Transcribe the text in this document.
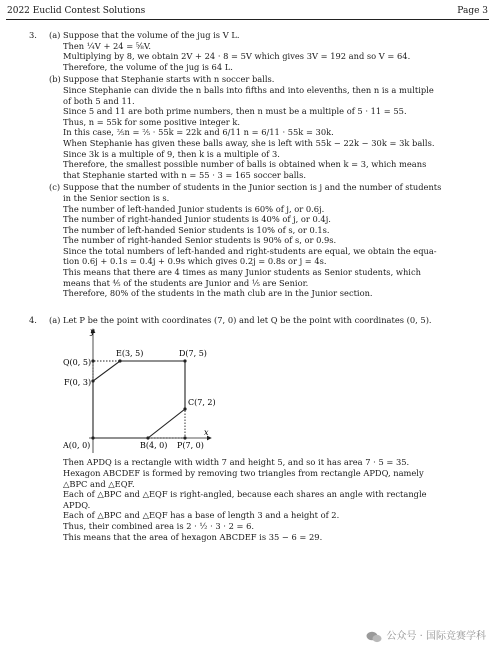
2022 Euclid Contest Solutions	Page 3
3. (a) Suppose that the volume of the jug is V L.
Then ¼V + 24 = ⅝V.
Multiplying by 8, we obtain 2V + 24 · 8 = 5V which gives 3V = 192 and so V = 64.
Therefore, the volume of the jug is 64 L.
(b) Suppose that Stephanie starts with n soccer balls.
Since Stephanie can divide the n balls into fifths and into elevenths, then n is a multiple
of both 5 and 11.
Since 5 and 11 are both prime numbers, then n must be a multiple of 5 · 11 = 55.
Thus, n = 55k for some positive integer k.
In this case, ⅖n = ⅖ · 55k = 22k and 6/11 n = 6/11 · 55k = 30k.
When Stephanie has given these balls away, she is left with 55k − 22k − 30k = 3k balls.
Since 3k is a multiple of 9, then k is a multiple of 3.
Therefore, the smallest possible number of balls is obtained when k = 3, which means
that Stephanie started with n = 55 · 3 = 165 soccer balls.
(c) Suppose that the number of students in the Junior section is j and the number of students
in the Senior section is s.
The number of left-handed Junior students is 60% of j, or 0.6j.
The number of right-handed Junior students is 40% of j, or 0.4j.
The number of left-handed Senior students is 10% of s, or 0.1s.
The number of right-handed Senior students is 90% of s, or 0.9s.
Since the total numbers of left-handed and right-students are equal, we obtain the equa-
tion 0.6j + 0.1s = 0.4j + 0.9s which gives 0.2j = 0.8s or j = 4s.
This means that there are 4 times as many Junior students as Senior students, which
means that ⅘ of the students are Junior and ⅕ are Senior.
Therefore, 80% of the students in the math club are in the Junior section.
4. (a) Let P be the point with coordinates (7, 0) and let Q be the point with coordinates (0, 5).
y
x
Q(0, 5)
E(3, 5)	D(7, 5)
F(0, 3)
C(7, 2)
A(0, 0)	B(4, 0) P(7, 0)
Then APDQ is a rectangle with width 7 and height 5, and so it has area 7 · 5 = 35.
Hexagon ABCDEF is formed by removing two triangles from rectangle APDQ, namely
△BPC and △EQF.
Each of △BPC and △EQF is right-angled, because each shares an angle with rectangle
APDQ.
Each of △BPC and △EQF has a base of length 3 and a height of 2.
Thus, their combined area is 2 · ½ · 3 · 2 = 6.
This means that the area of hexagon ABCDEF is 35 − 6 = 29.
公众号 · 国际竞赛学科
